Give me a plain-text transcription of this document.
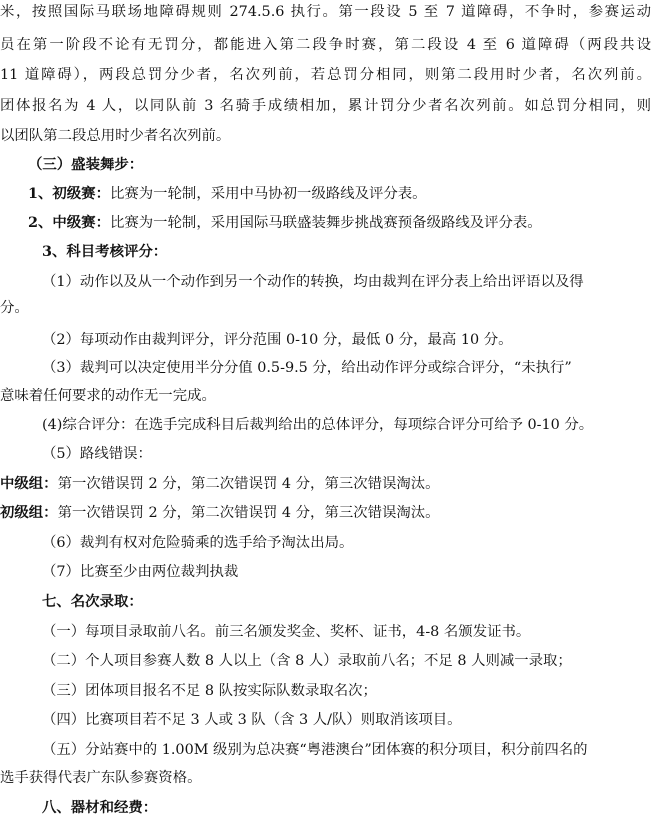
米，按照国际马联场地障碍规则 274.5.6 执行。第一段设 5 至 7 道障碍，不争时，参赛运动
员在第一阶段不论有无罚分，都能进入第二段争时赛，第二段设 4 至 6 道障碍（两段共设
11 道障碍），两段总罚分少者，名次列前，若总罚分相同，则第二段用时少者，名次列前。
团体报名为 4 人，以同队前 3 名骑手成绩相加，累计罚分少者名次列前。如总罚分相同，则
以团队第二段总用时少者名次列前。
（三）盛装舞步：
1、初级赛：比赛为一轮制，采用中马协初一级路线及评分表。
2、中级赛：比赛为一轮制，采用国际马联盛装舞步挑战赛预备级路线及评分表。
3、科目考核评分：
（1）动作以及从一个动作到另一个动作的转换，均由裁判在评分表上给出评语以及得
分。
（2）每项动作由裁判评分，评分范围 0-10 分，最低 0 分，最高 10 分。
（3）裁判可以决定使用半分分值 0.5-9.5 分，给出动作评分或综合评分，“未执行”
意味着任何要求的动作无一完成。
(4)综合评分：在选手完成科目后裁判给出的总体评分，每项综合评分可给予 0-10 分。
（5）路线错误：
中级组：第一次错误罚 2 分，第二次错误罚 4 分，第三次错误淘汰。
初级组：第一次错误罚 2 分，第二次错误罚 4 分，第三次错误淘汰。
（6）裁判有权对危险骑乘的选手给予淘汰出局。
（7）比赛至少由两位裁判执裁
七、名次录取：
（一）每项目录取前八名。前三名颁发奖金、奖杯、证书，4-8 名颁发证书。
（二）个人项目参赛人数 8 人以上（含 8 人）录取前八名；不足 8 人则减一录取；
（三）团体项目报名不足 8 队按实际队数录取名次；
（四）比赛项目若不足 3 人或 3 队（含 3 人/队）则取消该项目。
（五）分站赛中的 1.00M 级别为总决赛“粤港澳台”团体赛的积分项目，积分前四名的
选手获得代表广东队参赛资格。
八、器材和经费：
